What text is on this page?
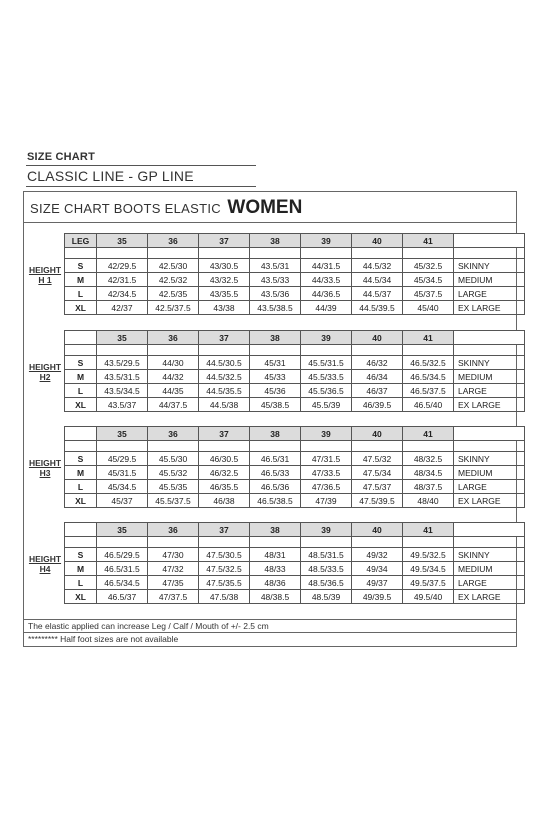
SIZE CHART
CLASSIC LINE - GP LINE
SIZE CHART BOOTS ELASTIC WOMEN
HEIGHT
H 1
LEG	35	36	37	38	39	40	41	

S	42/29.5	42.5/30	43/30.5	43.5/31	44/31.5	44.5/32	45/32.5	SKINNY
M	42/31.5	42.5/32	43/32.5	43.5/33	44/33.5	44.5/34	45/34.5	MEDIUM
L	42/34.5	42.5/35	43/35.5	43.5/36	44/36.5	44.5/37	45/37.5	LARGE
XL	42/37	42.5/37.5	43/38	43.5/38.5	44/39	44.5/39.5	45/40	EX LARGE
HEIGHT
H2
	35	36	37	38	39	40	41	

S	43.5/29.5	44/30	44.5/30.5	45/31	45.5/31.5	46/32	46.5/32.5	SKINNY
M	43.5/31.5	44/32	44.5/32.5	45/33	45.5/33.5	46/34	46.5/34.5	MEDIUM
L	43.5/34.5	44/35	44.5/35.5	45/36	45.5/36.5	46/37	46.5/37.5	LARGE
XL	43.5/37	44/37.5	44.5/38	45/38.5	45.5/39	46/39.5	46.5/40	EX LARGE
HEIGHT
H3
	35	36	37	38	39	40	41	

S	45/29.5	45.5/30	46/30.5	46.5/31	47/31.5	47.5/32	48/32.5	SKINNY
M	45/31.5	45.5/32	46/32.5	46.5/33	47/33.5	47.5/34	48/34.5	MEDIUM
L	45/34.5	45.5/35	46/35.5	46.5/36	47/36.5	47.5/37	48/37.5	LARGE
XL	45/37	45.5/37.5	46/38	46.5/38.5	47/39	47.5/39.5	48/40	EX LARGE
HEIGHT
H4
	35	36	37	38	39	40	41	

S	46.5/29.5	47/30	47.5/30.5	48/31	48.5/31.5	49/32	49.5/32.5	SKINNY
M	46.5/31.5	47/32	47.5/32.5	48/33	48.5/33.5	49/34	49.5/34.5	MEDIUM
L	46.5/34.5	47/35	47.5/35.5	48/36	48.5/36.5	49/37	49.5/37.5	LARGE
XL	46.5/37	47/37.5	47.5/38	48/38.5	48.5/39	49/39.5	49.5/40	EX LARGE
The elastic applied can increase Leg / Calf / Mouth of +/- 2.5 cm
********* Half foot sizes are not available
